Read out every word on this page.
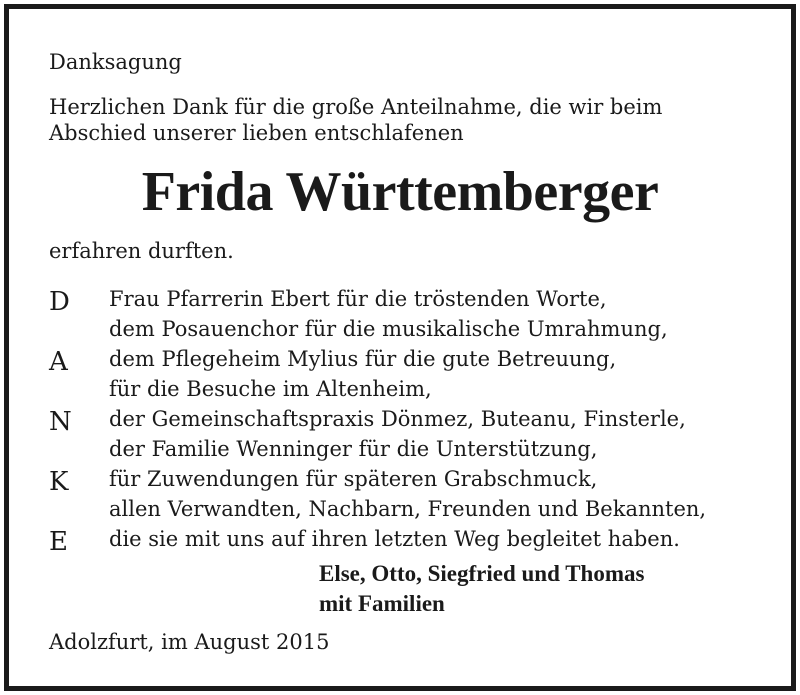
Danksagung
Herzlichen Dank für die große Anteilnahme, die wir beim Abschied unserer lieben entschlafenen
Frida Württemberger
erfahren durften.
D
A
N
K
E
Frau Pfarrerin Ebert für die tröstenden Worte,
dem Posauenchor für die musikalische Umrahmung,
dem Pflegeheim Mylius für die gute Betreuung,
für die Besuche im Altenheim,
der Gemeinschaftspraxis Dönmez, Buteanu, Finsterle,
der Familie Wenninger für die Unterstützung,
für Zuwendungen für späteren Grabschmuck,
allen Verwandten, Nachbarn, Freunden und Bekannten,
die sie mit uns auf ihren letzten Weg begleitet haben.
Else, Otto, Siegfried und Thomas
mit Familien
Adolzfurt, im August 2015
